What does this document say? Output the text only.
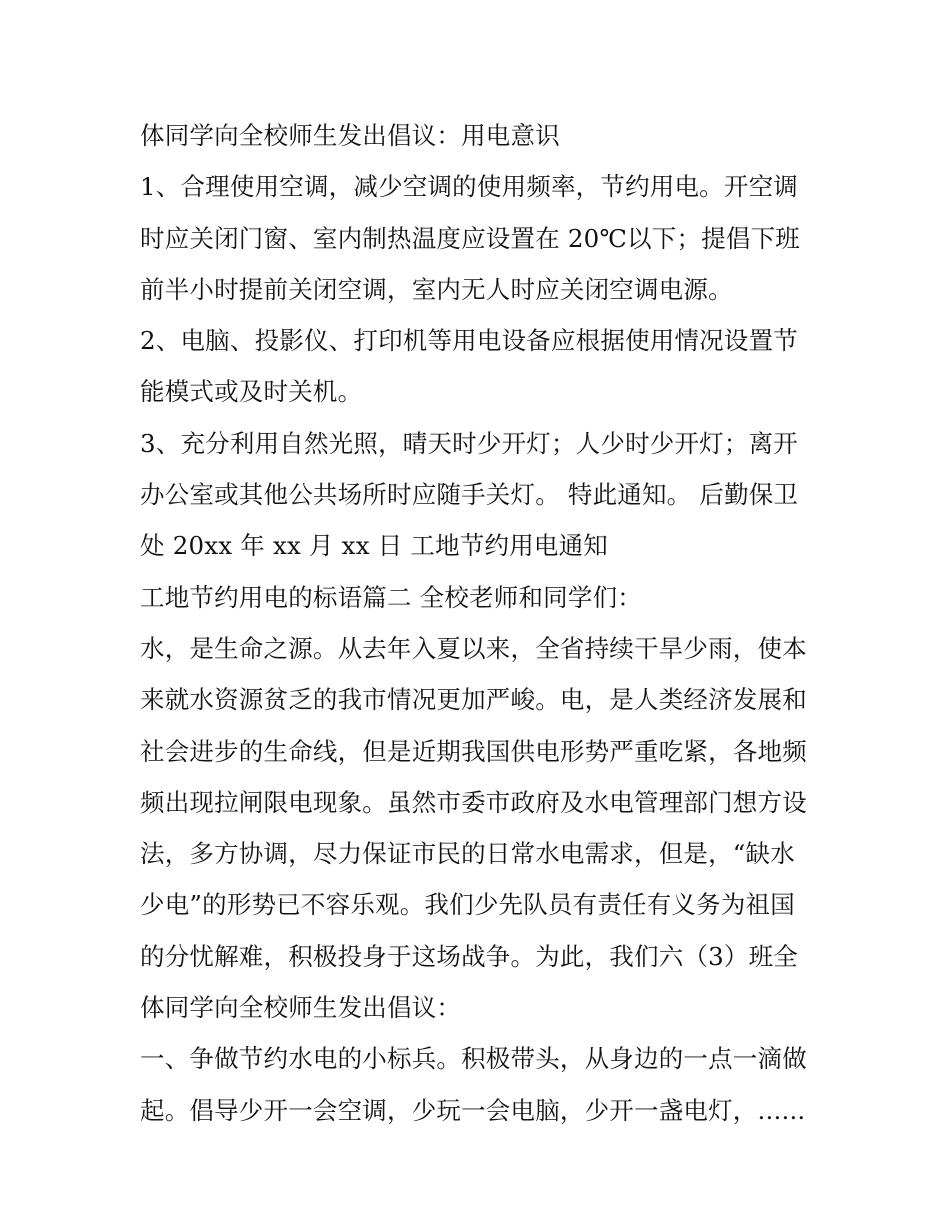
体同学向全校师生发出倡议：用电意识
1、合理使用空调，减少空调的使用频率，节约用电。开空调
时应关闭门窗、室内制热温度应设置在 20℃以下；提倡下班
前半小时提前关闭空调，室内无人时应关闭空调电源。
2、电脑、投影仪、打印机等用电设备应根据使用情况设置节
能模式或及时关机。
3、充分利用自然光照，晴天时少开灯；人少时少开灯；离开
办公室或其他公共场所时应随手关灯。 特此通知。 后勤保卫
处 20xx 年 xx 月 xx 日 工地节约用电通知
工地节约用电的标语篇二 全校老师和同学们：
水，是生命之源。从去年入夏以来，全省持续干旱少雨，使本
来就水资源贫乏的我市情况更加严峻。电，是人类经济发展和
社会进步的生命线，但是近期我国供电形势严重吃紧，各地频
频出现拉闸限电现象。虽然市委市政府及水电管理部门想方设
法，多方协调，尽力保证市民的日常水电需求，但是，“缺水
少电”的形势已不容乐观。我们少先队员有责任有义务为祖国
的分忧解难，积极投身于这场战争。为此，我们六（3）班全
体同学向全校师生发出倡议：
一、争做节约水电的小标兵。积极带头，从身边的一点一滴做
起。倡导少开一会空调，少玩一会电脑，少开一盏电灯，......
